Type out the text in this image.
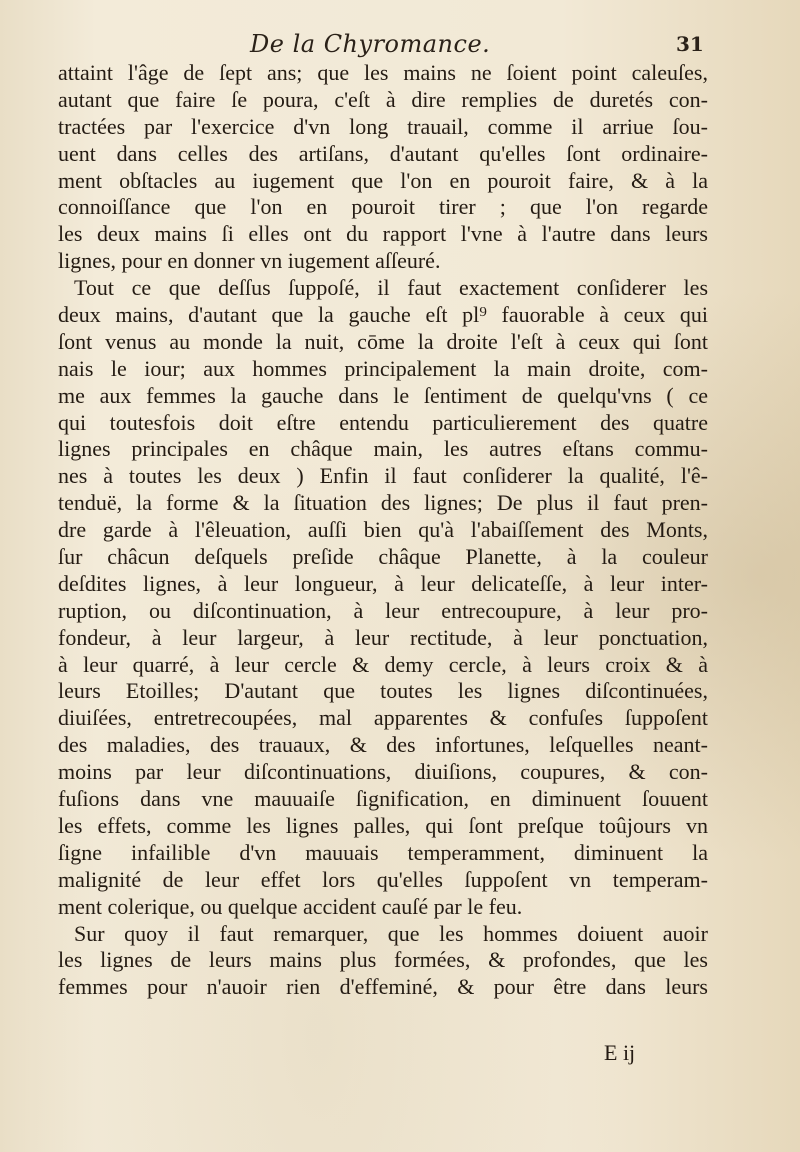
De la Chyromance.	31
attaint l'âge de ſept ans; que les mains ne ſoient point caleuſes,
autant que faire ſe poura, c'eſt à dire remplies de duretés con-
tractées par l'exercice d'vn long trauail, comme il arriue ſou-
uent dans celles des artiſans, d'autant qu'elles ſont ordinaire-
ment obſtacles au iugement que l'on en pouroit faire, & à la
connoiſſance que l'on en pouroit tirer ; que l'on regarde
les deux mains ſi elles ont du rapport l'vne à l'autre dans leurs
lignes, pour en donner vn iugement aſſeuré.
Tout ce que deſſus ſuppoſé, il faut exactement conſiderer les
deux mains, d'autant que la gauche eſt pl⁹ fauorable à ceux qui
ſont venus au monde la nuit, cōme la droite l'eſt à ceux qui ſont
nais le iour; aux hommes principalement la main droite, com-
me aux femmes la gauche dans le ſentiment de quelqu'vns ( ce
qui toutesfois doit eſtre entendu particulierement des quatre
lignes principales en châque main, les autres eſtans commu-
nes à toutes les deux ) Enfin il faut conſiderer la qualité, l'ê-
tenduë, la forme & la ſituation des lignes; De plus il faut pren-
dre garde à l'êleuation, auſſi bien qu'à l'abaiſſement des Monts,
ſur châcun deſquels preſide châque Planette, à la couleur
deſdites lignes, à leur longueur, à leur delicateſſe, à leur inter-
ruption, ou diſcontinuation, à leur entrecoupure, à leur pro-
fondeur, à leur largeur, à leur rectitude, à leur ponctuation,
à leur quarré, à leur cercle & demy cercle, à leurs croix & à
leurs Etoilles; D'autant que toutes les lignes diſcontinuées,
diuiſées, entretrecoupées, mal apparentes & confuſes ſuppoſent
des maladies, des trauaux, & des infortunes, leſquelles neant-
moins par leur diſcontinuations, diuiſions, coupures, & con-
fuſions dans vne mauuaiſe ſignification, en diminuent ſouuent
les effets, comme les lignes palles, qui ſont preſque toûjours vn
ſigne infailible d'vn mauuais temperamment, diminuent la
malignité de leur effet lors qu'elles ſuppoſent vn temperam-
ment colerique, ou quelque accident cauſé par le feu.
Sur quoy il faut remarquer, que les hommes doiuent auoir
les lignes de leurs mains plus formées, & profondes, que les
femmes pour n'auoir rien d'effeminé, & pour être dans leurs
E ij
